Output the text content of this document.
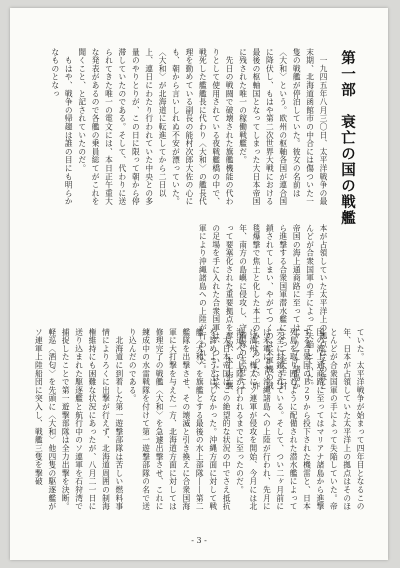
第一部　衰亡の国の戦艦

　一九四五年八月三〇日、太平洋戦争の最末期、北海道函館市の中合には傷ついた一隻の戦艦が停泊していた。彼女の名前は〈大和〉という。欧州の枢軸各国が連合国に降伏し、もはや第二次世界大戦における最後の枢軸国となってしまった大日本帝国に残された唯一の稼働戦艦だ。

　先日の戦闘で破壊された旗艦機能の代わりとして使用されている夜戦艦橋の中で、戦死した艦艦長に代わり〈大和〉の艦長代理を勤めている副長の能村次郎大佐の心にも、朝から言いしれぬ不安が漂っていた。〈大和〉が北海道に転進してから二日以上、連日にわたり行われていた中央との多量のやりとりが、この日に限って朝から停滞していたのである。そして、代わりに送られてきた唯一の電文には、本日正午重大な発表があるので各艦の乗員総てがこれを聞くこと、と記されていたのだ。

　もはや、戦争の帰趨は誰の目にも明らかなものとなっ

本が占領していた太平洋上の拠点はそのほとんどが合衆国軍の手によって失陥していた。帝国の海上通商路に至ってはマリアナ諸島から進撃する合衆国軍潜水艦によって完全に封鎖されてしまい、やがてつくのは米軍機の絨毯爆撃で焦土と化した本土のみであった。昨年、南方の島嶼に侵攻し、守備隊の玉砕によって要塞化された重要拠点を奪取、本土空襲の足場を手に入れた合衆国軍は、ついには米軍により沖縄諸島への上陸が行われた。

ていた。太平洋戦争が始まって四年目となるこの年、日本が占領していた太平洋上の拠点はそのほとんどが合衆国軍の手によって失陥していた。帝国の海上通商路に至ってはマリアナ諸島から進撃する合衆国のＢ２９から投下された機雷と、日本列島を取り囲むように配備された潜水艦によって完全に封鎖されている。そして、つい二ヶ月前には米軍により沖縄諸島への上陸が行われ、先月には満州・樺太にソ連軍が侵攻を開始、今月には北海道への上陸が行われるまでに至ったのだ。

　大日本帝国はこの絶望的な状況の中でさえ抵抗を諦めようとはしなかった。沖縄方面に対して戦艦〈大和〉を旗艦とする最後の水上部隊――第二艦隊を出撃させ、その壊滅と引き換えに合衆国海軍に大打撃を与えた一方、北海道方面に対しては修理完了の戦艦〈大和〉を急遽出撃させ、これに練成中の水雷戦隊を付けて第一遊撃部隊の名で送り込んだのである。

　北海道に到着した第一遊撃部隊は苦しい燃料事情によりろくに出撃が行えず、北海道周囲の制海権維持にも困難な状況にあったが、八月二一日に送り込まれた駆逐艦と航行中のソ連軍を石狩湾で捕捉したことで第一遊撃部隊は全力出撃を決断。軽巡〈酒匂〉を先頭に〈大和〉他四隻の駆逐艦がソ連軍上陸船団に突入し、戦艦三隻を撃破

- 3 -
